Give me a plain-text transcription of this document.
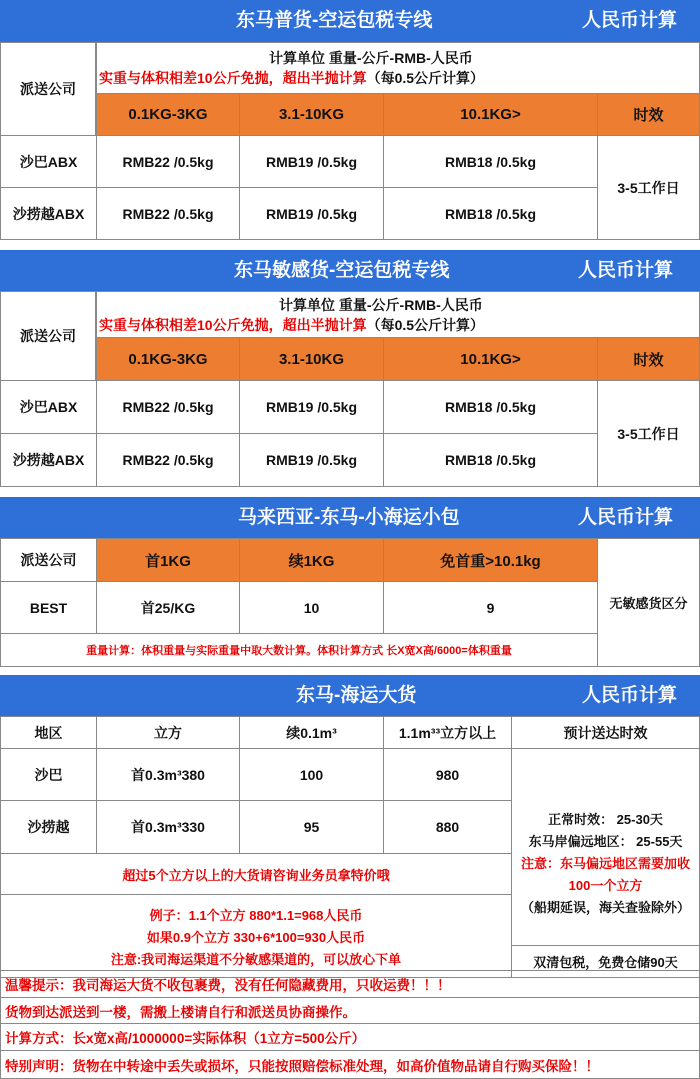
东马普货-空运包税专线	人民币计算
派送公司
计算单位 重量-公斤-RMB-人民币
实重与体积相差10公斤免抛，超出半抛计算（每0.5公斤计算）
0.1KG-3KG	3.1-10KG	10.1KG>	时效
沙巴ABX	RMB22 /0.5kg	RMB19 /0.5kg	RMB18 /0.5kg
沙捞越ABX	RMB22 /0.5kg	RMB19 /0.5kg	RMB18 /0.5kg
3-5工作日
东马敏感货-空运包税专线	人民币计算
派送公司
计算单位 重量-公斤-RMB-人民币
实重与体积相差10公斤免抛，超出半抛计算（每0.5公斤计算）
0.1KG-3KG	3.1-10KG	10.1KG>	时效
沙巴ABX	RMB22 /0.5kg	RMB19 /0.5kg	RMB18 /0.5kg
沙捞越ABX	RMB22 /0.5kg	RMB19 /0.5kg	RMB18 /0.5kg
3-5工作日
马来西亚-东马-小海运小包	人民币计算
派送公司	首1KG	续1KG	免首重>10.1kg
BEST	首25/KG	10	9	无敏感货区分
重量计算：体积重量与实际重量中取大数计算。体积计算方式 长X宽X高/6000=体积重量
东马-海运大货	人民币计算
地区	立方	续0.1m³	1.1m³³立方以上	预计送达时效
沙巴	首0.3m³380	100	980
沙捞越	首0.3m³330	95	880	正常时效： 25-30天
东马岸偏远地区： 25-55天
注意：东马偏远地区需要加收
100一个立方
（船期延误，海关查验除外）
双清包税，免费仓储90天
超过5个立方以上的大货请咨询业务员拿特价哦
例子：1.1个立方 880*1.1=968人民币
如果0.9个立方 330+6*100=930人民币
注意:我司海运渠道不分敏感渠道的，可以放心下单
温馨提示：我司海运大货不收包裹费，没有任何隐藏费用，只收运费！！！
货物到达派送到一楼，需搬上楼请自行和派送员协商操作。
计算方式：长x宽x高/1000000=实际体积（1立方=500公斤）
特别声明：货物在中转途中丢失或损坏，只能按照赔偿标准处理，如高价值物品请自行购买保险！！
